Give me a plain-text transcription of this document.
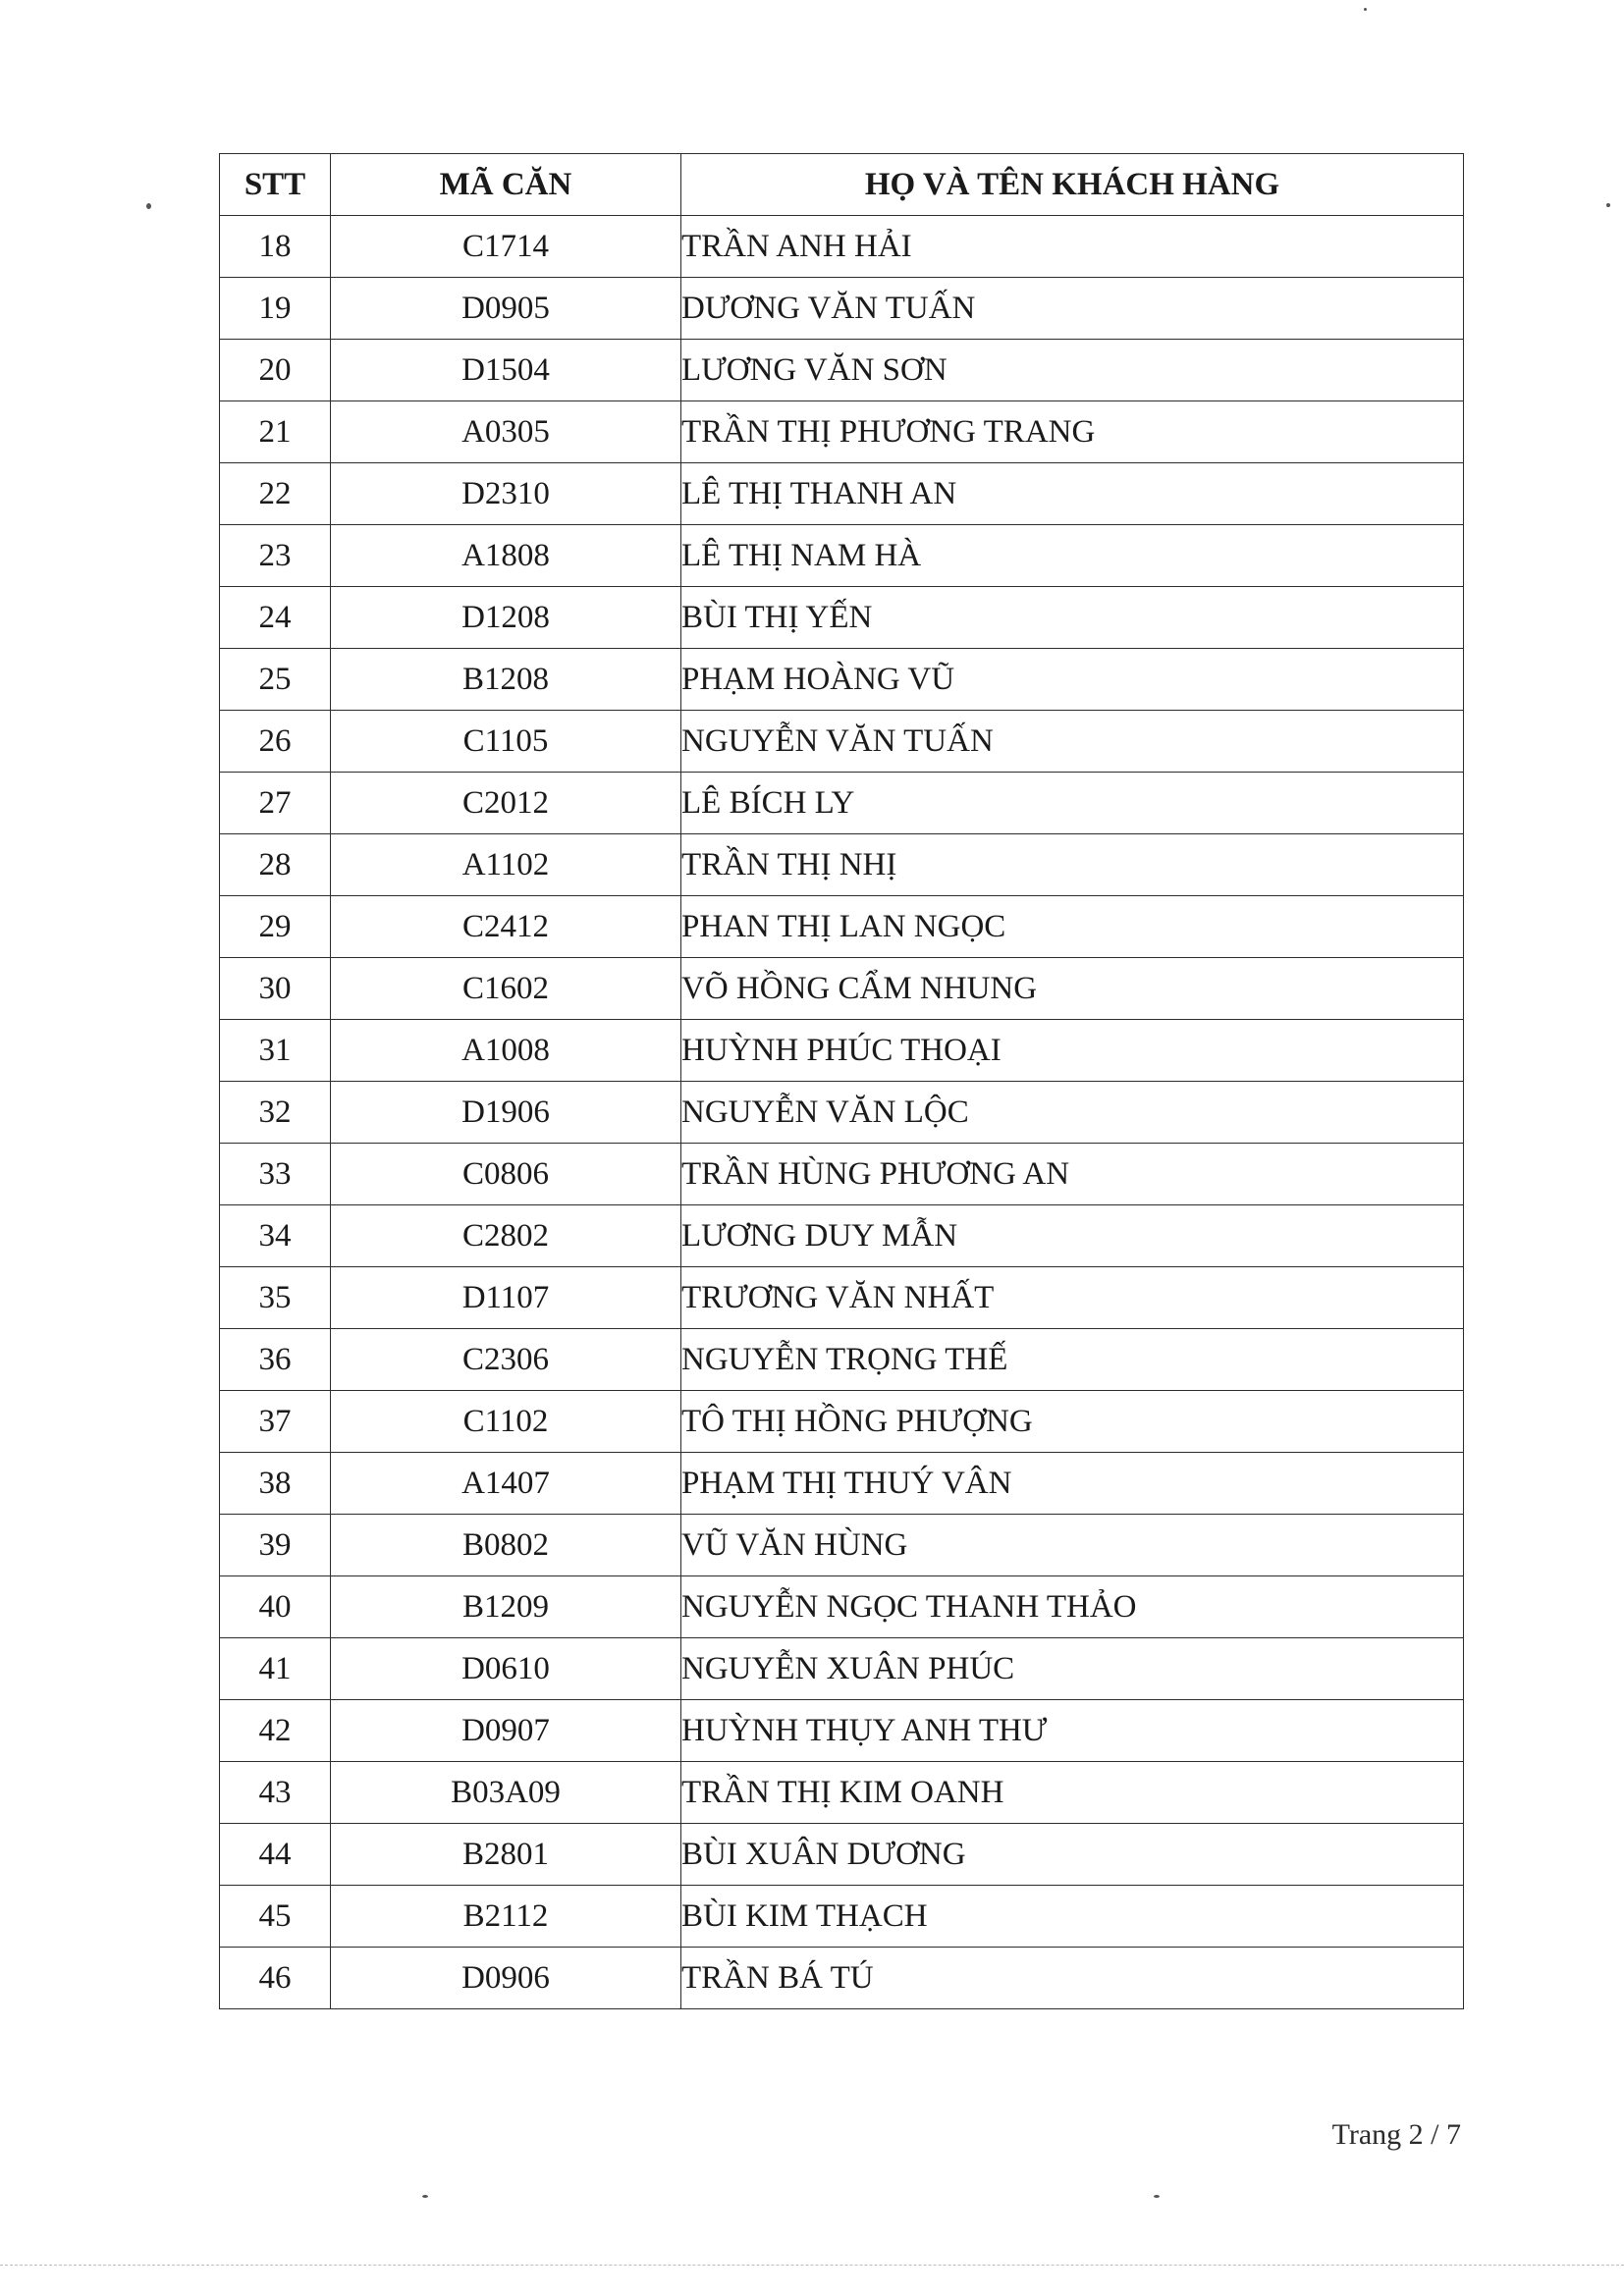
STT	MÃ CĂN	HỌ VÀ TÊN KHÁCH HÀNG
18	C1714	TRẦN ANH HẢI
19	D0905	DƯƠNG VĂN TUẤN
20	D1504	LƯƠNG VĂN SƠN
21	A0305	TRẦN THỊ PHƯƠNG TRANG
22	D2310	LÊ THỊ THANH AN
23	A1808	LÊ THỊ NAM HÀ
24	D1208	BÙI THỊ YẾN
25	B1208	PHẠM HOÀNG VŨ
26	C1105	NGUYỄN VĂN TUẤN
27	C2012	LÊ BÍCH LY
28	A1102	TRẦN THỊ NHỊ
29	C2412	PHAN THỊ LAN NGỌC
30	C1602	VÕ HỒNG CẨM NHUNG
31	A1008	HUỲNH PHÚC THOẠI
32	D1906	NGUYỄN VĂN LỘC
33	C0806	TRẦN HÙNG PHƯƠNG AN
34	C2802	LƯƠNG DUY MẪN
35	D1107	TRƯƠNG VĂN NHẤT
36	C2306	NGUYỄN TRỌNG THẾ
37	C1102	TÔ THỊ HỒNG PHƯỢNG
38	A1407	PHẠM THỊ THUÝ VÂN
39	B0802	VŨ VĂN HÙNG
40	B1209	NGUYỄN NGỌC THANH THẢO
41	D0610	NGUYỄN XUÂN PHÚC
42	D0907	HUỲNH THỤY ANH THƯ
43	B03A09	TRẦN THỊ KIM OANH
44	B2801	BÙI XUÂN DƯƠNG
45	B2112	BÙI KIM THẠCH
46	D0906	TRẦN BÁ TÚ
Trang 2 / 7
